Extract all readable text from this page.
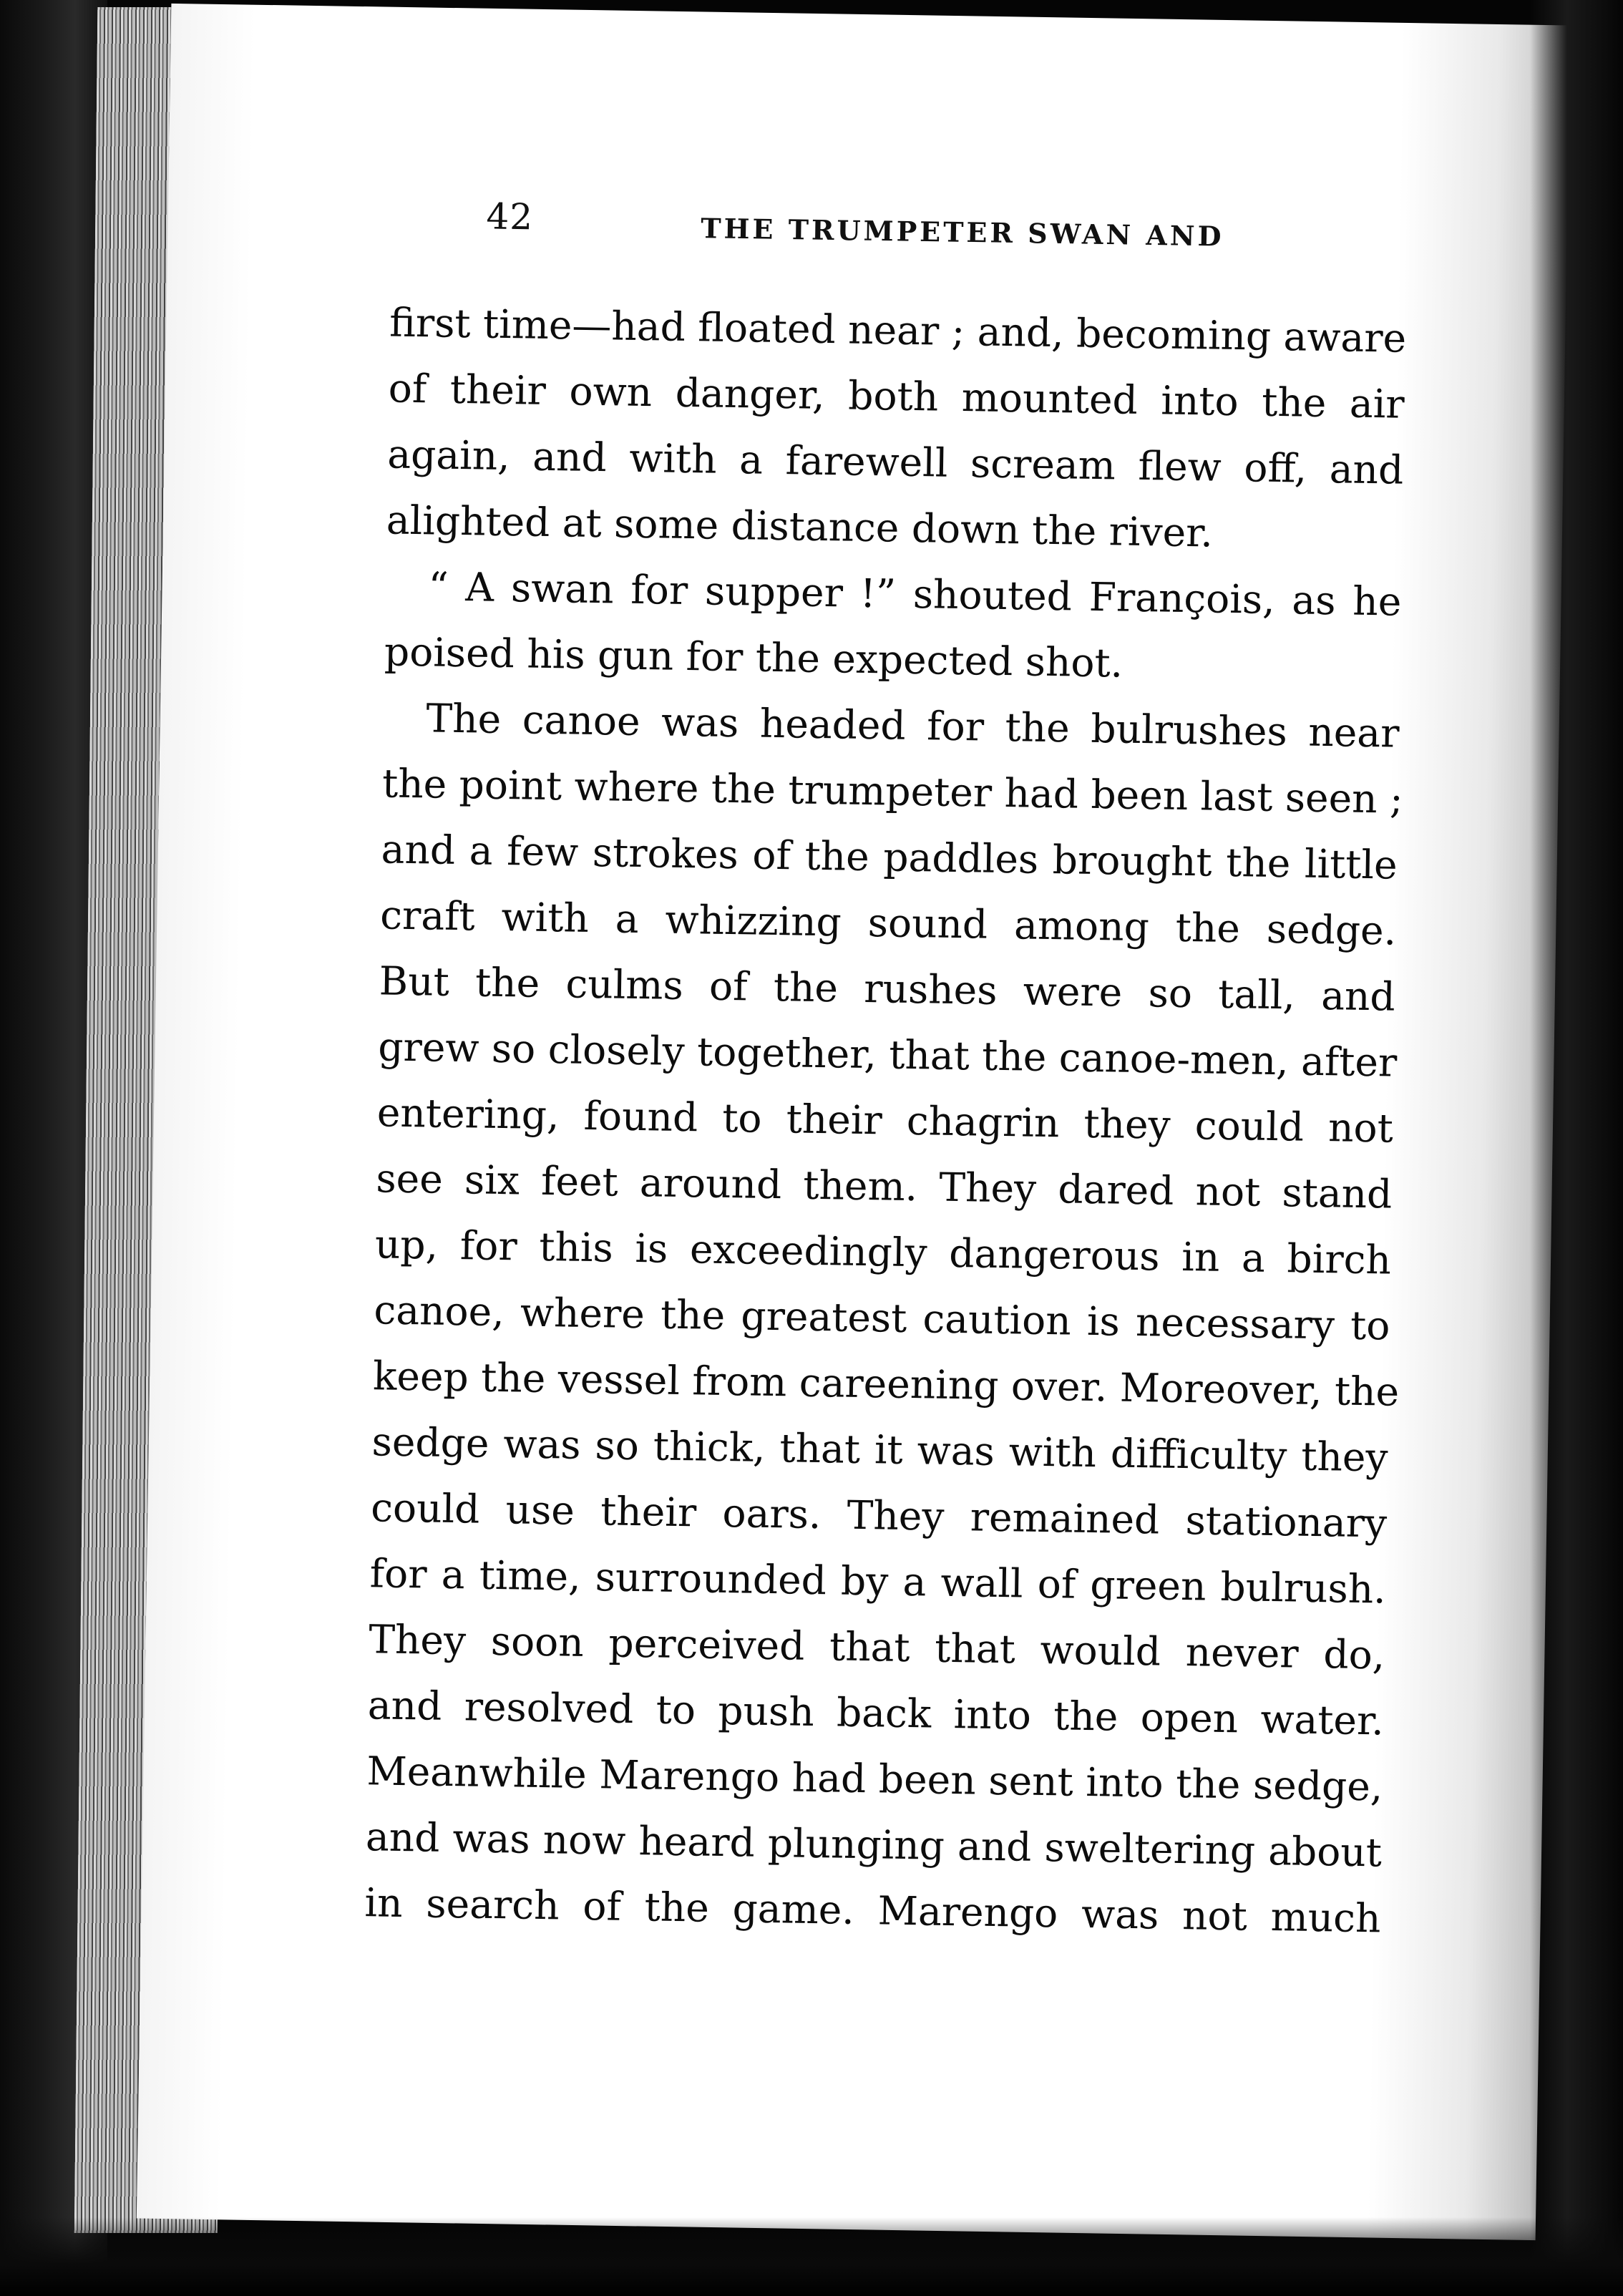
42	THE TRUMPETER SWAN AND
first time—had floated near ; and, becoming aware
of their own danger, both mounted into the air
again, and with a farewell scream flew off, and
alighted at some distance down the river.
“ A swan for supper !” shouted François, as he
poised his gun for the expected shot.
The canoe was headed for the bulrushes near
the point where the trumpeter had been last seen ;
and a few strokes of the paddles brought the little
craft with a whizzing sound among the sedge.
But the culms of the rushes were so tall, and
grew so closely together, that the canoe-men, after
entering, found to their chagrin they could not
see six feet around them. They dared not stand
up, for this is exceedingly dangerous in a birch
canoe, where the greatest caution is necessary to
keep the vessel from careening over. Moreover, the
sedge was so thick, that it was with difficulty they
could use their oars. They remained stationary
for a time, surrounded by a wall of green bulrush.
They soon perceived that that would never do,
and resolved to push back into the open water.
Meanwhile Marengo had been sent into the sedge,
and was now heard plunging and sweltering about
in search of the game. Marengo was not much
